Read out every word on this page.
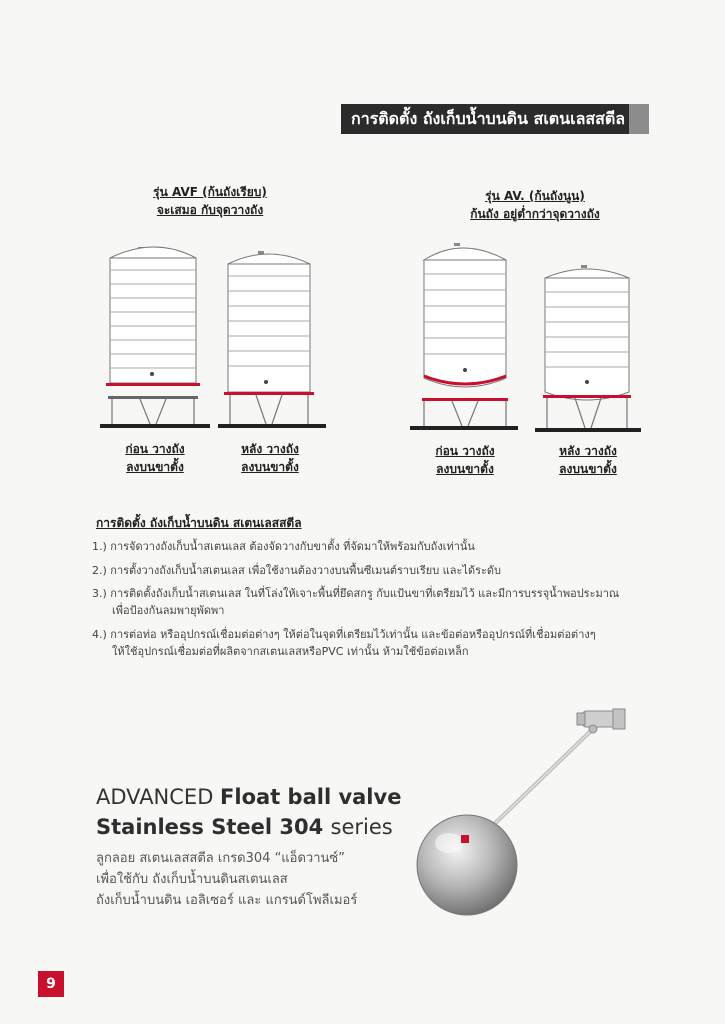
การติดตั้ง ถังเก็บน้ำบนดิน สเตนเลสสตีล
รุ่น AVF (ก้นถังเรียบ)
จะเสมอ กับจุดวางถัง
รุ่น AV. (ก้นถังนูน)
ก้นถัง อยู่ต่ำกว่าจุดวางถัง
ก่อน วางถัง
ลงบนขาตั้ง
หลัง วางถัง
ลงบนขาตั้ง
ก่อน วางถัง
ลงบนขาตั้ง
หลัง วางถัง
ลงบนขาตั้ง
การติดตั้ง ถังเก็บน้ำบนดิน สเตนเลสสตีล
1.) การจัดวางถังเก็บน้ำสเตนเลส ต้องจัดวางกับขาตั้ง ที่จัดมาให้พร้อมกับถังเท่านั้น
2.) การตั้งวางถังเก็บน้ำสเตนเลส เพื่อใช้งานต้องวางบนพื้นซีเมนต์ราบเรียบ และได้ระดับ
3.) การติดตั้งถังเก็บน้ำสเตนเลส ในที่โล่งให้เจาะพื้นที่ยึดสกรู กับแป้นขาที่เตรียมไว้ และมีการบรรจุน้ำพอประมาณ
เพื่อป้องกันลมพายุพัดพา
4.) การต่อท่อ หรืออุปกรณ์เชื่อมต่อต่างๆ ให้ต่อในจุดที่เตรียมไว้เท่านั้น และข้อต่อหรืออุปกรณ์ที่เชื่อมต่อต่างๆ
ให้ใช้อุปกรณ์เชื่อมต่อที่ผลิตจากสเตนเลสหรือPVC เท่านั้น ห้ามใช้ข้อต่อเหล็ก
ADVANCED Float ball valve
Stainless Steel 304 series
ลูกลอย สเตนเลสสตีล เกรด304 “แอ็ดวานซ์”
เพื่อใช้กับ ถังเก็บน้ำบนดินสเตนเลส
ถังเก็บน้ำบนดิน เอลิเซอร์ และ แกรนด์โพลีเมอร์
9
